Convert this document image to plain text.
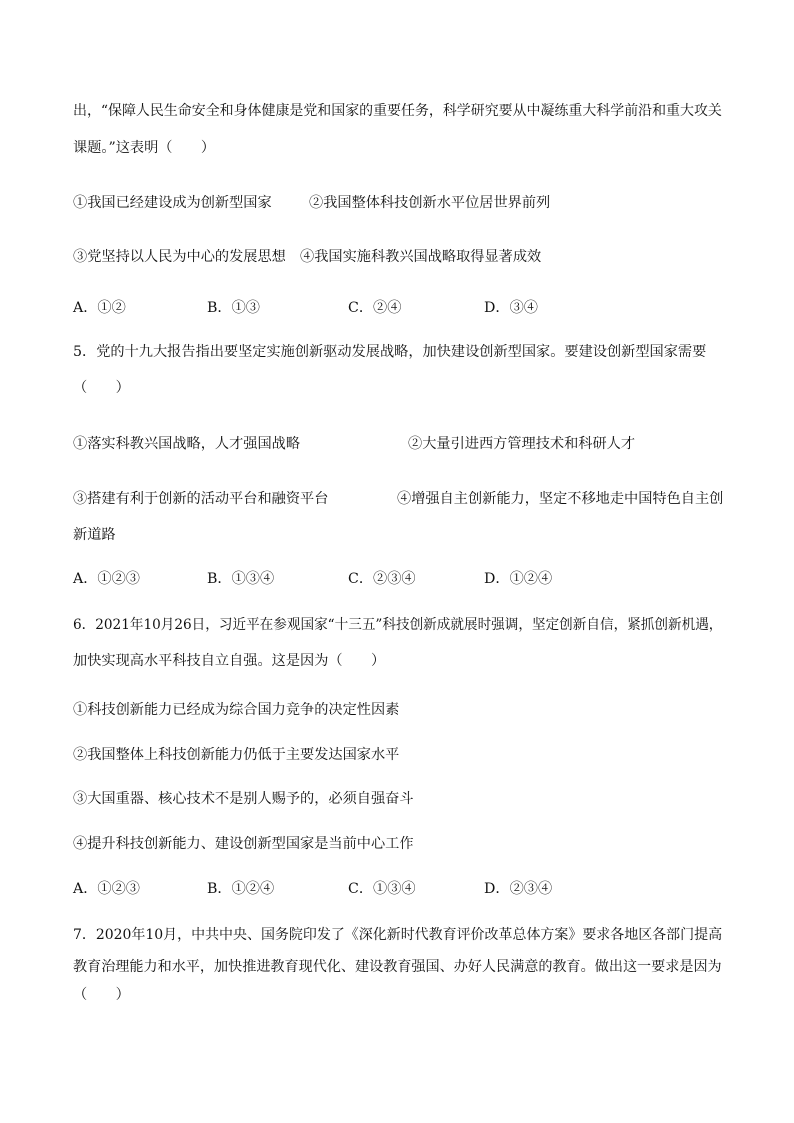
出，“保障人民生命安全和身体健康是党和国家的重要任务，科学研究要从中凝练重大科学前沿和重大攻关
课题。”这表明（　　）
①我国已经建设成为创新型国家	②我国整体科技创新水平位居世界前列
③党坚持以人民为中心的发展思想 ④我国实施科教兴国战略取得显著成效
A．①②	B．①③	C．②④	D．③④
5．党的十九大报告指出要坚定实施创新驱动发展战略，加快建设创新型国家。要建设创新型国家需要
（　　）
①落实科教兴国战略，人才强国战略	②大量引进西方管理技术和科研人才
③搭建有利于创新的活动平台和融资平台	④增强自主创新能力，坚定不移地走中国特色自主创
新道路
A．①②③	B．①③④	C．②③④	D．①②④
6．2021年10月26日，习近平在参观国家“十三五”科技创新成就展时强调，坚定创新自信，紧抓创新机遇，
加快实现高水平科技自立自强。这是因为（　　）
①科技创新能力已经成为综合国力竞争的决定性因素
②我国整体上科技创新能力仍低于主要发达国家水平
③大国重器、核心技术不是别人赐予的，必须自强奋斗
④提升科技创新能力、建设创新型国家是当前中心工作
A．①②③	B．①②④	C．①③④	D．②③④
7．2020年10月，中共中央、国务院印发了《深化新时代教育评价改革总体方案》要求各地区各部门提高
教育治理能力和水平，加快推进教育现代化、建设教育强国、办好人民满意的教育。做出这一要求是因为
（　　）
